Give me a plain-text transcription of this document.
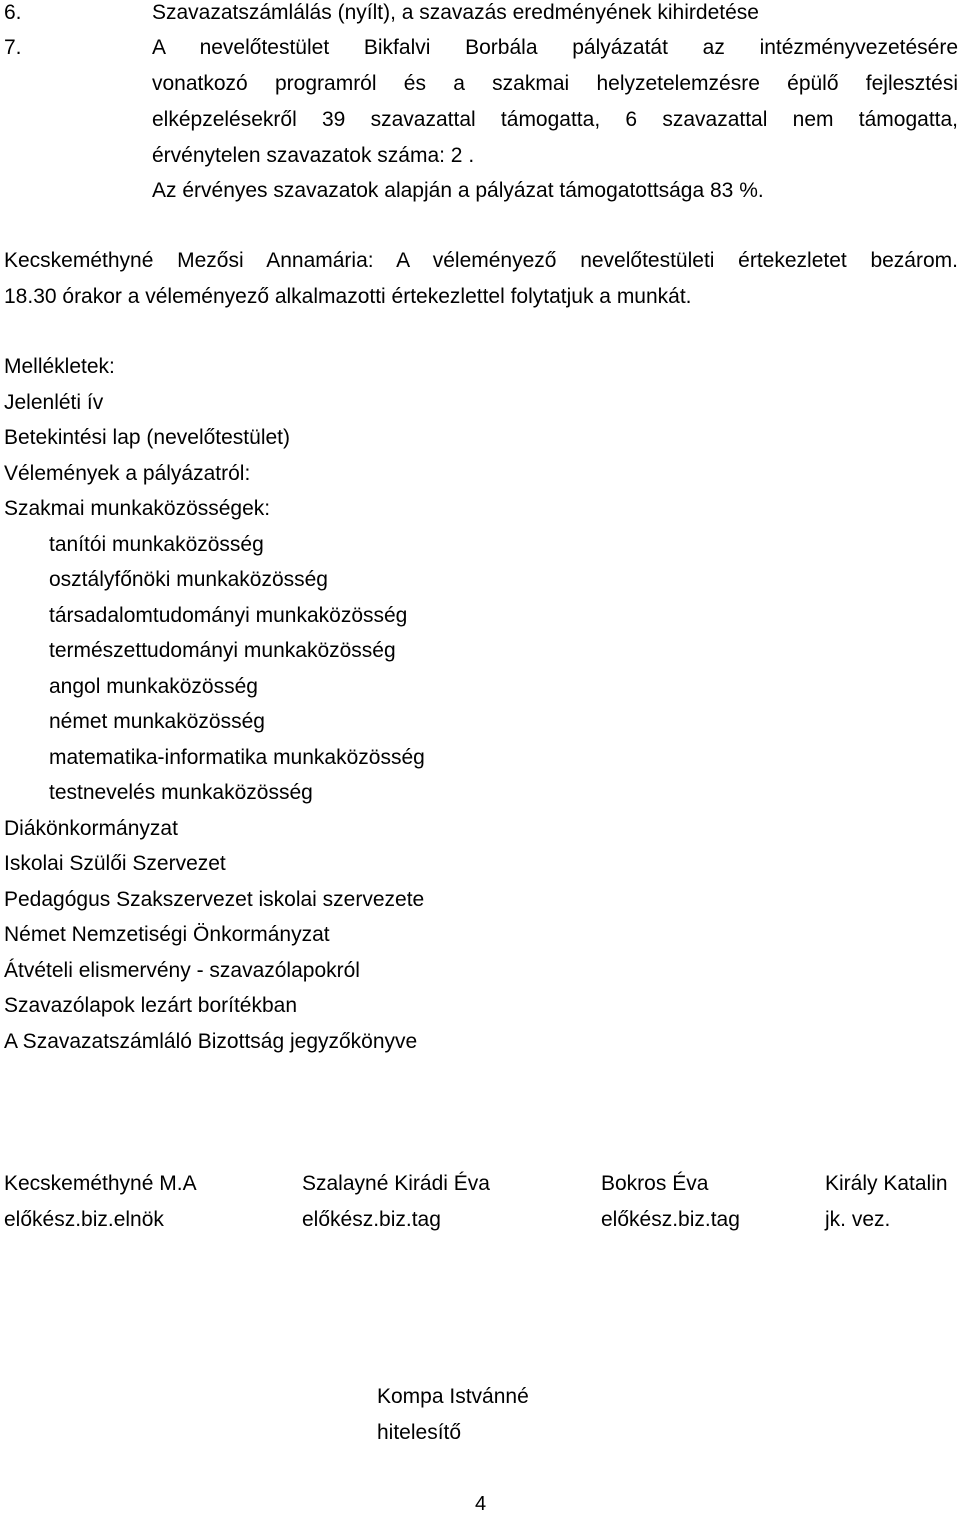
6.	Szavazatszámlálás (nyílt), a szavazás eredményének kihirdetése
7.	A nevelőtestület Bikfalvi Borbála pályázatát az intézményvezetésére
vonatkozó programról és a szakmai helyzetelemzésre épülő fejlesztési
elképzelésekről 39 szavazattal támogatta, 6 szavazattal nem támogatta,
érvénytelen szavazatok száma: 2 .
Az érvényes szavazatok alapján a pályázat támogatottsága 83 %.
Kecskeméthyné Mezősi Annamária: A véleményező nevelőtestületi értekezletet bezárom.
18.30 órakor a véleményező alkalmazotti értekezlettel folytatjuk a munkát.
Mellékletek:
Jelenléti ív
Betekintési lap (nevelőtestület)
Vélemények a pályázatról:
Szakmai munkaközösségek:
tanítói munkaközösség
osztályfőnöki munkaközösség
társadalomtudományi munkaközösség
természettudományi munkaközösség
angol munkaközösség
német munkaközösség
matematika-informatika munkaközösség
testnevelés munkaközösség
Diákönkormányzat
Iskolai Szülői Szervezet
Pedagógus Szakszervezet iskolai szervezete
Német Nemzetiségi Önkormányzat
Átvételi elismervény - szavazólapokról
Szavazólapok lezárt borítékban
A Szavazatszámláló Bizottság jegyzőkönyve
Kecskeméthyné M.A
előkész.biz.elnök
Szalayné Kirádi Éva
előkész.biz.tag
Bokros Éva
előkész.biz.tag
Király Katalin
jk. vez.
Kompa Istvánné
hitelesítő
4
